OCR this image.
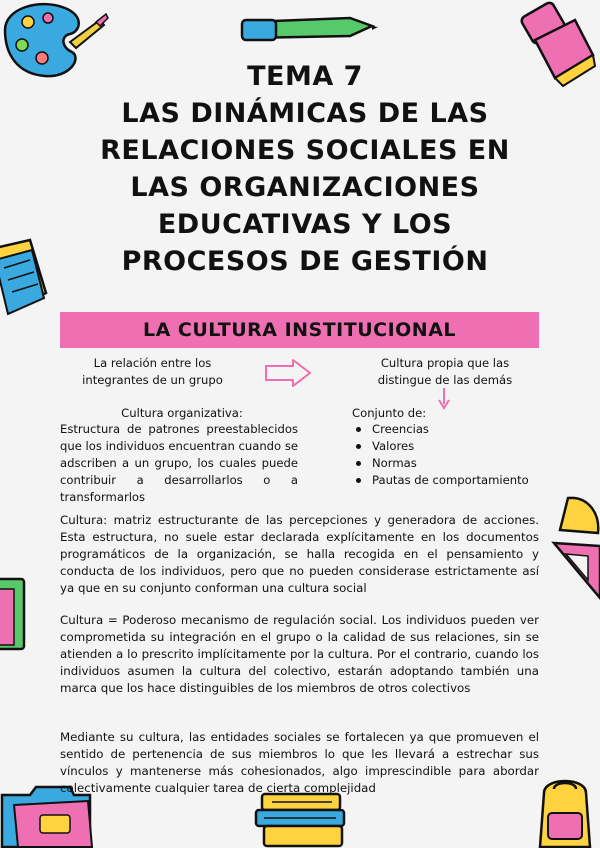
TEMA 7
LAS DINÁMICAS DE LAS
RELACIONES SOCIALES EN
LAS ORGANIZACIONES
EDUCATIVAS Y LOS
PROCESOS DE GESTIÓN
LA CULTURA INSTITUCIONAL
La relación entre los integrantes de un grupo
Cultura propia que las distingue de las demás
Cultura organizativa:
Estructura de patrones preestablecidos que los individuos encuentran cuando se adscriben a un grupo, los cuales puede contribuir a desarrollarlos o a transformarlos
Conjunto de:
Creencias
Valores
Normas
Pautas de comportamiento
Cultura: matriz estructurante de las percepciones y generadora de acciones. Esta estructura, no suele estar declarada explícitamente en los documentos programáticos de la organización, se halla recogida en el pensamiento y conducta de los individuos, pero que no pueden considerase estrictamente así ya que en su conjunto conforman una cultura social
Cultura = Poderoso mecanismo de regulación social. Los individuos pueden ver comprometida su integración en el grupo o la calidad de sus relaciones, sin se atienden a lo prescrito implícitamente por la cultura. Por el contrario, cuando los individuos asumen la cultura del colectivo, estarán adoptando también una marca que los hace distinguibles de los miembros de otros colectivos
Mediante su cultura, las entidades sociales se fortalecen ya que promueven el sentido de pertenencia de sus miembros lo que les llevará a estrechar sus vínculos y mantenerse más cohesionados, algo imprescindible para abordar colectivamente cualquier tarea de cierta complejidad
